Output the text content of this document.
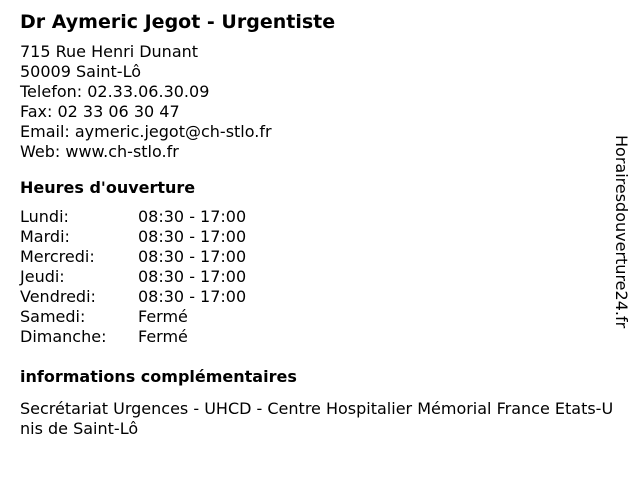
Dr Aymeric Jegot - Urgentiste
715 Rue Henri Dunant
50009 Saint-Lô
Telefon: 02.33.06.30.09
Fax: 02 33 06 30 47
Email: aymeric.jegot@ch-stlo.fr
Web: www.ch-stlo.fr
Heures d'ouverture
Lundi:	08:30 - 17:00
Mardi:	08:30 - 17:00
Mercredi:	08:30 - 17:00
Jeudi:	08:30 - 17:00
Vendredi:	08:30 - 17:00
Samedi:	Fermé
Dimanche:	Fermé
informations complémentaires
Secrétariat Urgences - UHCD - Centre Hospitalier Mémorial France Etats-Unis de Saint-Lô
Horairesdouverture24.fr
